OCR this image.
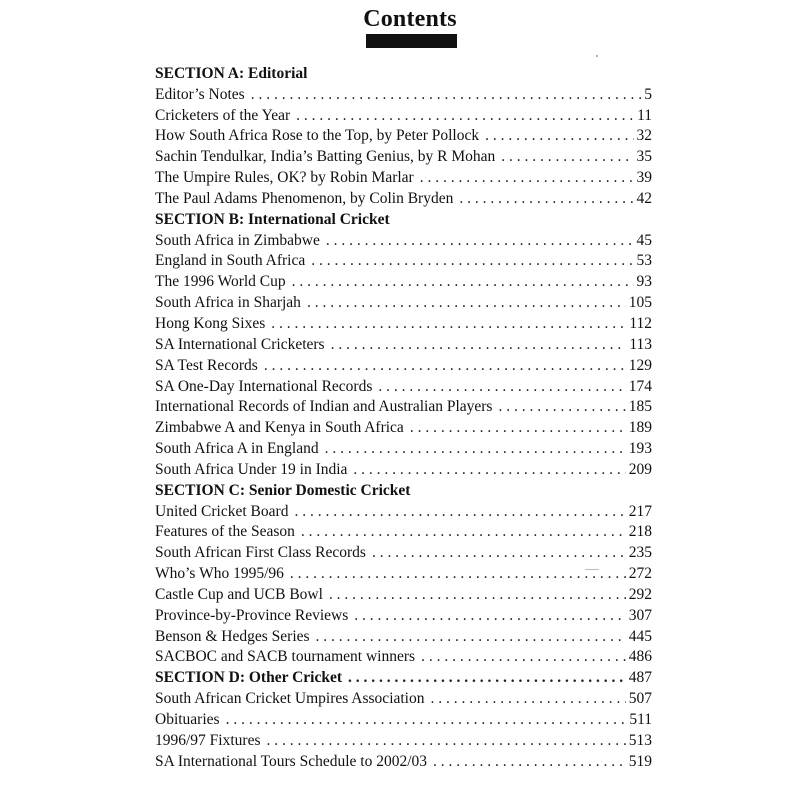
Contents
SECTION A: Editorial
Editor’s Notes . . .	5
Cricketers of the Year . . .	11
How South Africa Rose to the Top, by Peter Pollock . . .	32
Sachin Tendulkar, India’s Batting Genius, by R Mohan . . .	35
The Umpire Rules, OK? by Robin Marlar . . .	39
The Paul Adams Phenomenon, by Colin Bryden . . .	42
SECTION B: International Cricket
South Africa in Zimbabwe . . .	45
England in South Africa . . .	53
The 1996 World Cup . . .	93
South Africa in Sharjah . . .	105
Hong Kong Sixes . . .	112
SA International Cricketers . . .	113
SA Test Records . . .	129
SA One-Day International Records . . .	174
International Records of Indian and Australian Players . . .	185
Zimbabwe A and Kenya in South Africa . . .	189
South Africa A in England . . .	193
South Africa Under 19 in India . . .	209
SECTION C: Senior Domestic Cricket
United Cricket Board . . .	217
Features of the Season . . .	218
South African First Class Records . . .	235
Who’s Who 1995/96 . . .	272
Castle Cup and UCB Bowl . . .	292
Province-by-Province Reviews . . .	307
Benson & Hedges Series . . .	445
SACBOC and SACB tournament winners . . .	486
SECTION D: Other Cricket . . .	487
South African Cricket Umpires Association . . .	507
Obituaries . . .	511
1996/97 Fixtures . . .	513
SA International Tours Schedule to 2002/03 . . .	519
